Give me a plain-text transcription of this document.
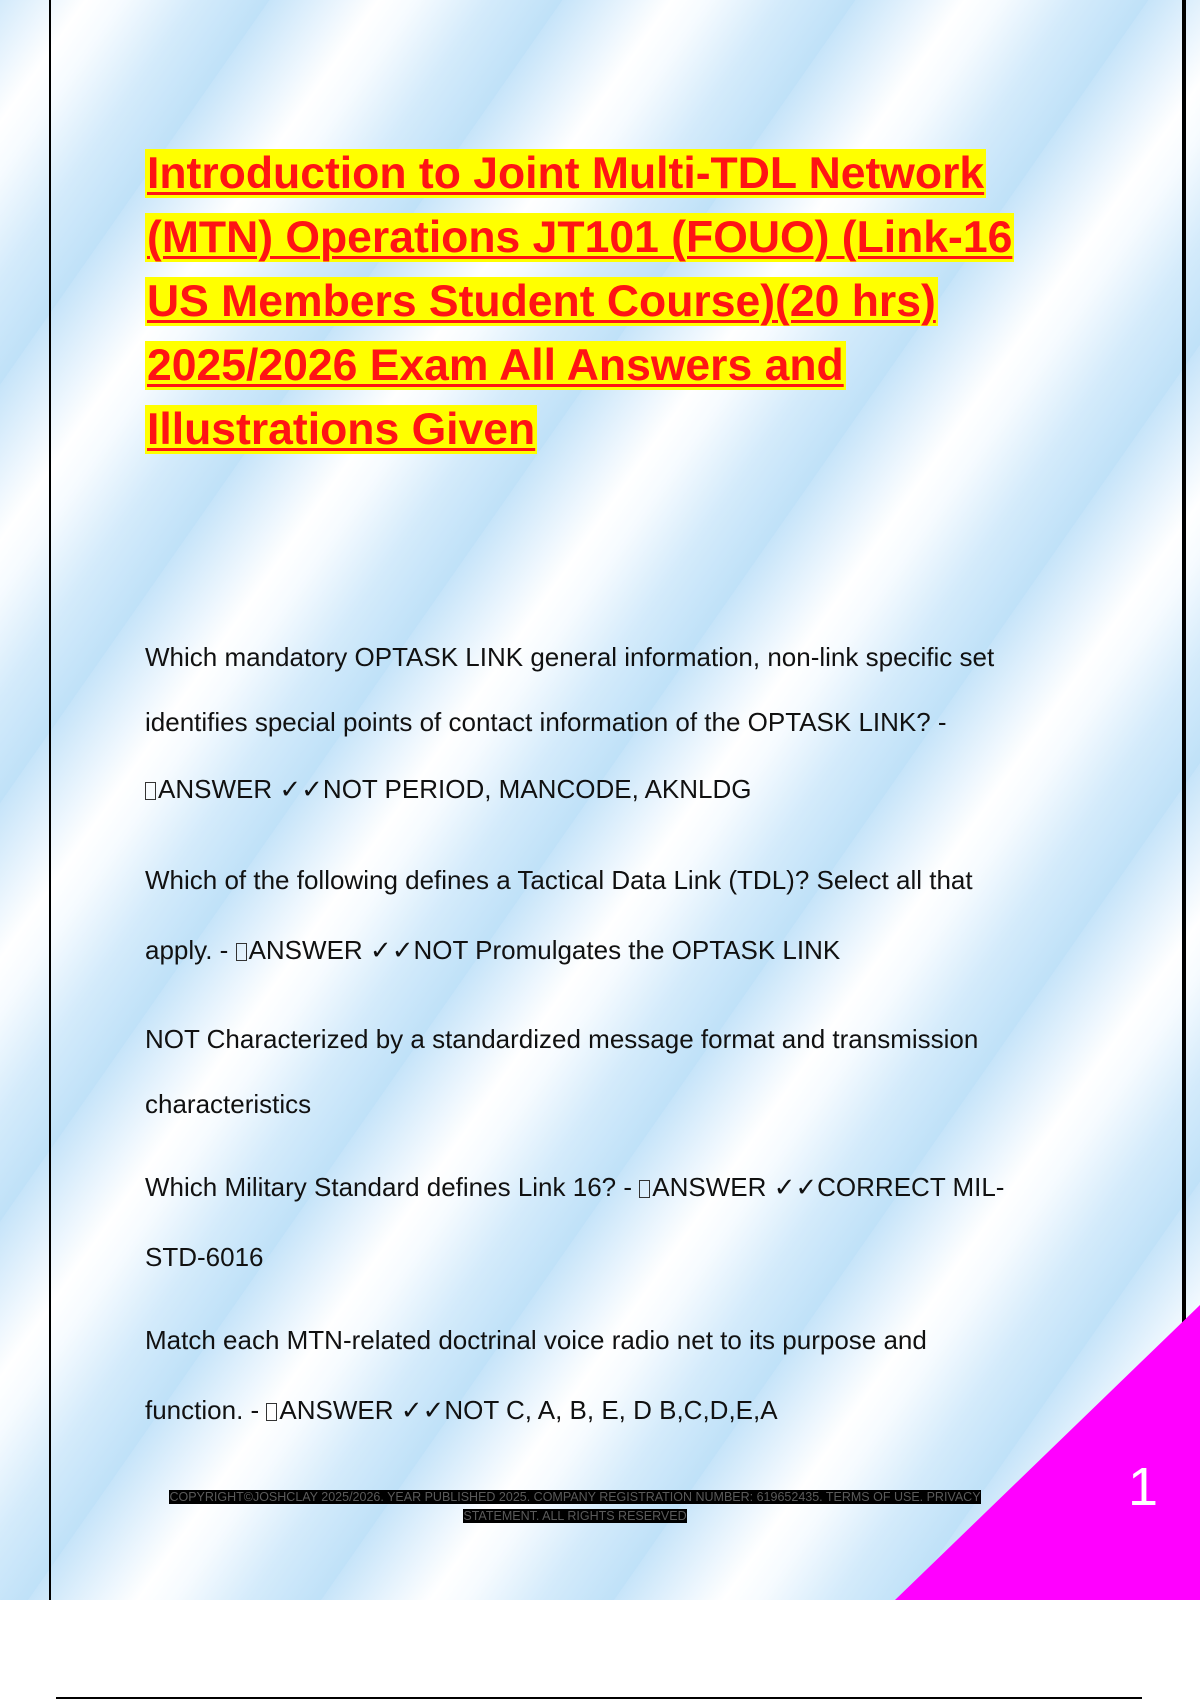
Introduction to Joint Multi-TDL Network
(MTN) Operations JT101 (FOUO) (Link-16
US Members Student Course)(20 hrs)
2025/2026 Exam All Answers and
Illustrations Given

Which mandatory OPTASK LINK general information, non-link specific set

identifies special points of contact information of the OPTASK LINK? -

ANSWER ✓✓NOT PERIOD, MANCODE, AKNLDG

Which of the following defines a Tactical Data Link (TDL)? Select all that

apply. - ANSWER ✓✓NOT Promulgates the OPTASK LINK

NOT Characterized by a standardized message format and transmission

characteristics

Which Military Standard defines Link 16? - ANSWER ✓✓CORRECT MIL-

STD-6016

Match each MTN-related doctrinal voice radio net to its purpose and

function. - ANSWER ✓✓NOT C, A, B, E, D B,C,D,E,A

COPYRIGHT©JOSHCLAY 2025/2026. YEAR PUBLISHED 2025. COMPANY REGISTRATION NUMBER: 619652435. TERMS OF USE. PRIVACY
STATEMENT. ALL RIGHTS RESERVED	1
